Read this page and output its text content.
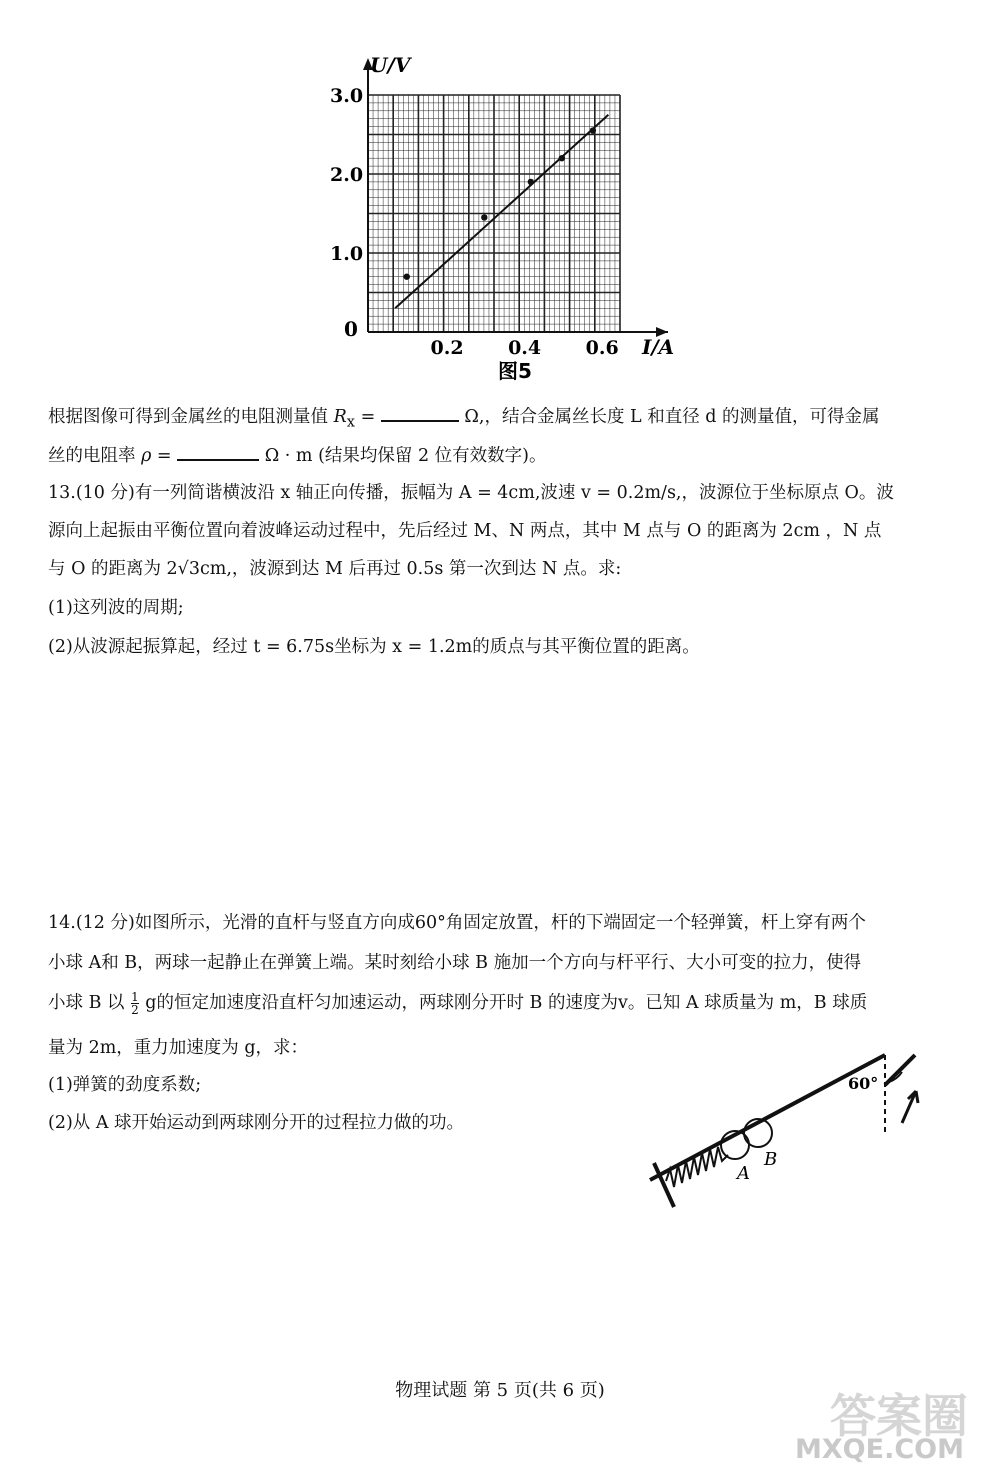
0.2 0.4 0.6
3.0
2.0
1.0
U/V
I/A
0
图5
根据图像可得到金属丝的电阻测量值 $R_x$ =	Ω,，结合金属丝长度 L 和直径 d 的测量值，可得金属
丝的电阻率 ρ =	Ω · m (结果均保留 2 位有效数字)。
13.(10 分)有一列简谐横波沿 x 轴正向传播，振幅为 A = 4cm,波速 v = 0.2m/s,，波源位于坐标原点 O。波
源向上起振由平衡位置向着波峰运动过程中，先后经过 M、N 两点，其中 M 点与 O 的距离为 2cm ，N 点
与 O 的距离为 2√3cm,，波源到达 M 后再过 0.5s 第一次到达 N 点。求:
(1)这列波的周期;
(2)从波源起振算起，经过 t = 6.75s坐标为 x = 1.2m的质点与其平衡位置的距离。
14.(12 分)如图所示，光滑的直杆与竖直方向成60°角固定放置，杆的下端固定一个轻弹簧，杆上穿有两个
小球 A和 B，两球一起静止在弹簧上端。某时刻给小球 B 施加一个方向与杆平行、大小可变的拉力，使得
小球 B 以 $\frac{1}{2}$ g的恒定加速度沿直杆匀加速运动，两球刚分开时 B 的速度为v。已知 A 球质量为 m，B 球质
量为 2m，重力加速度为 g，求：
(1)弹簧的劲度系数;
(2)从 A 球开始运动到两球刚分开的过程拉力做的功。
A
B
60°
物理试题 第 5 页(共 6 页)	答案圈
MXQE.COM
